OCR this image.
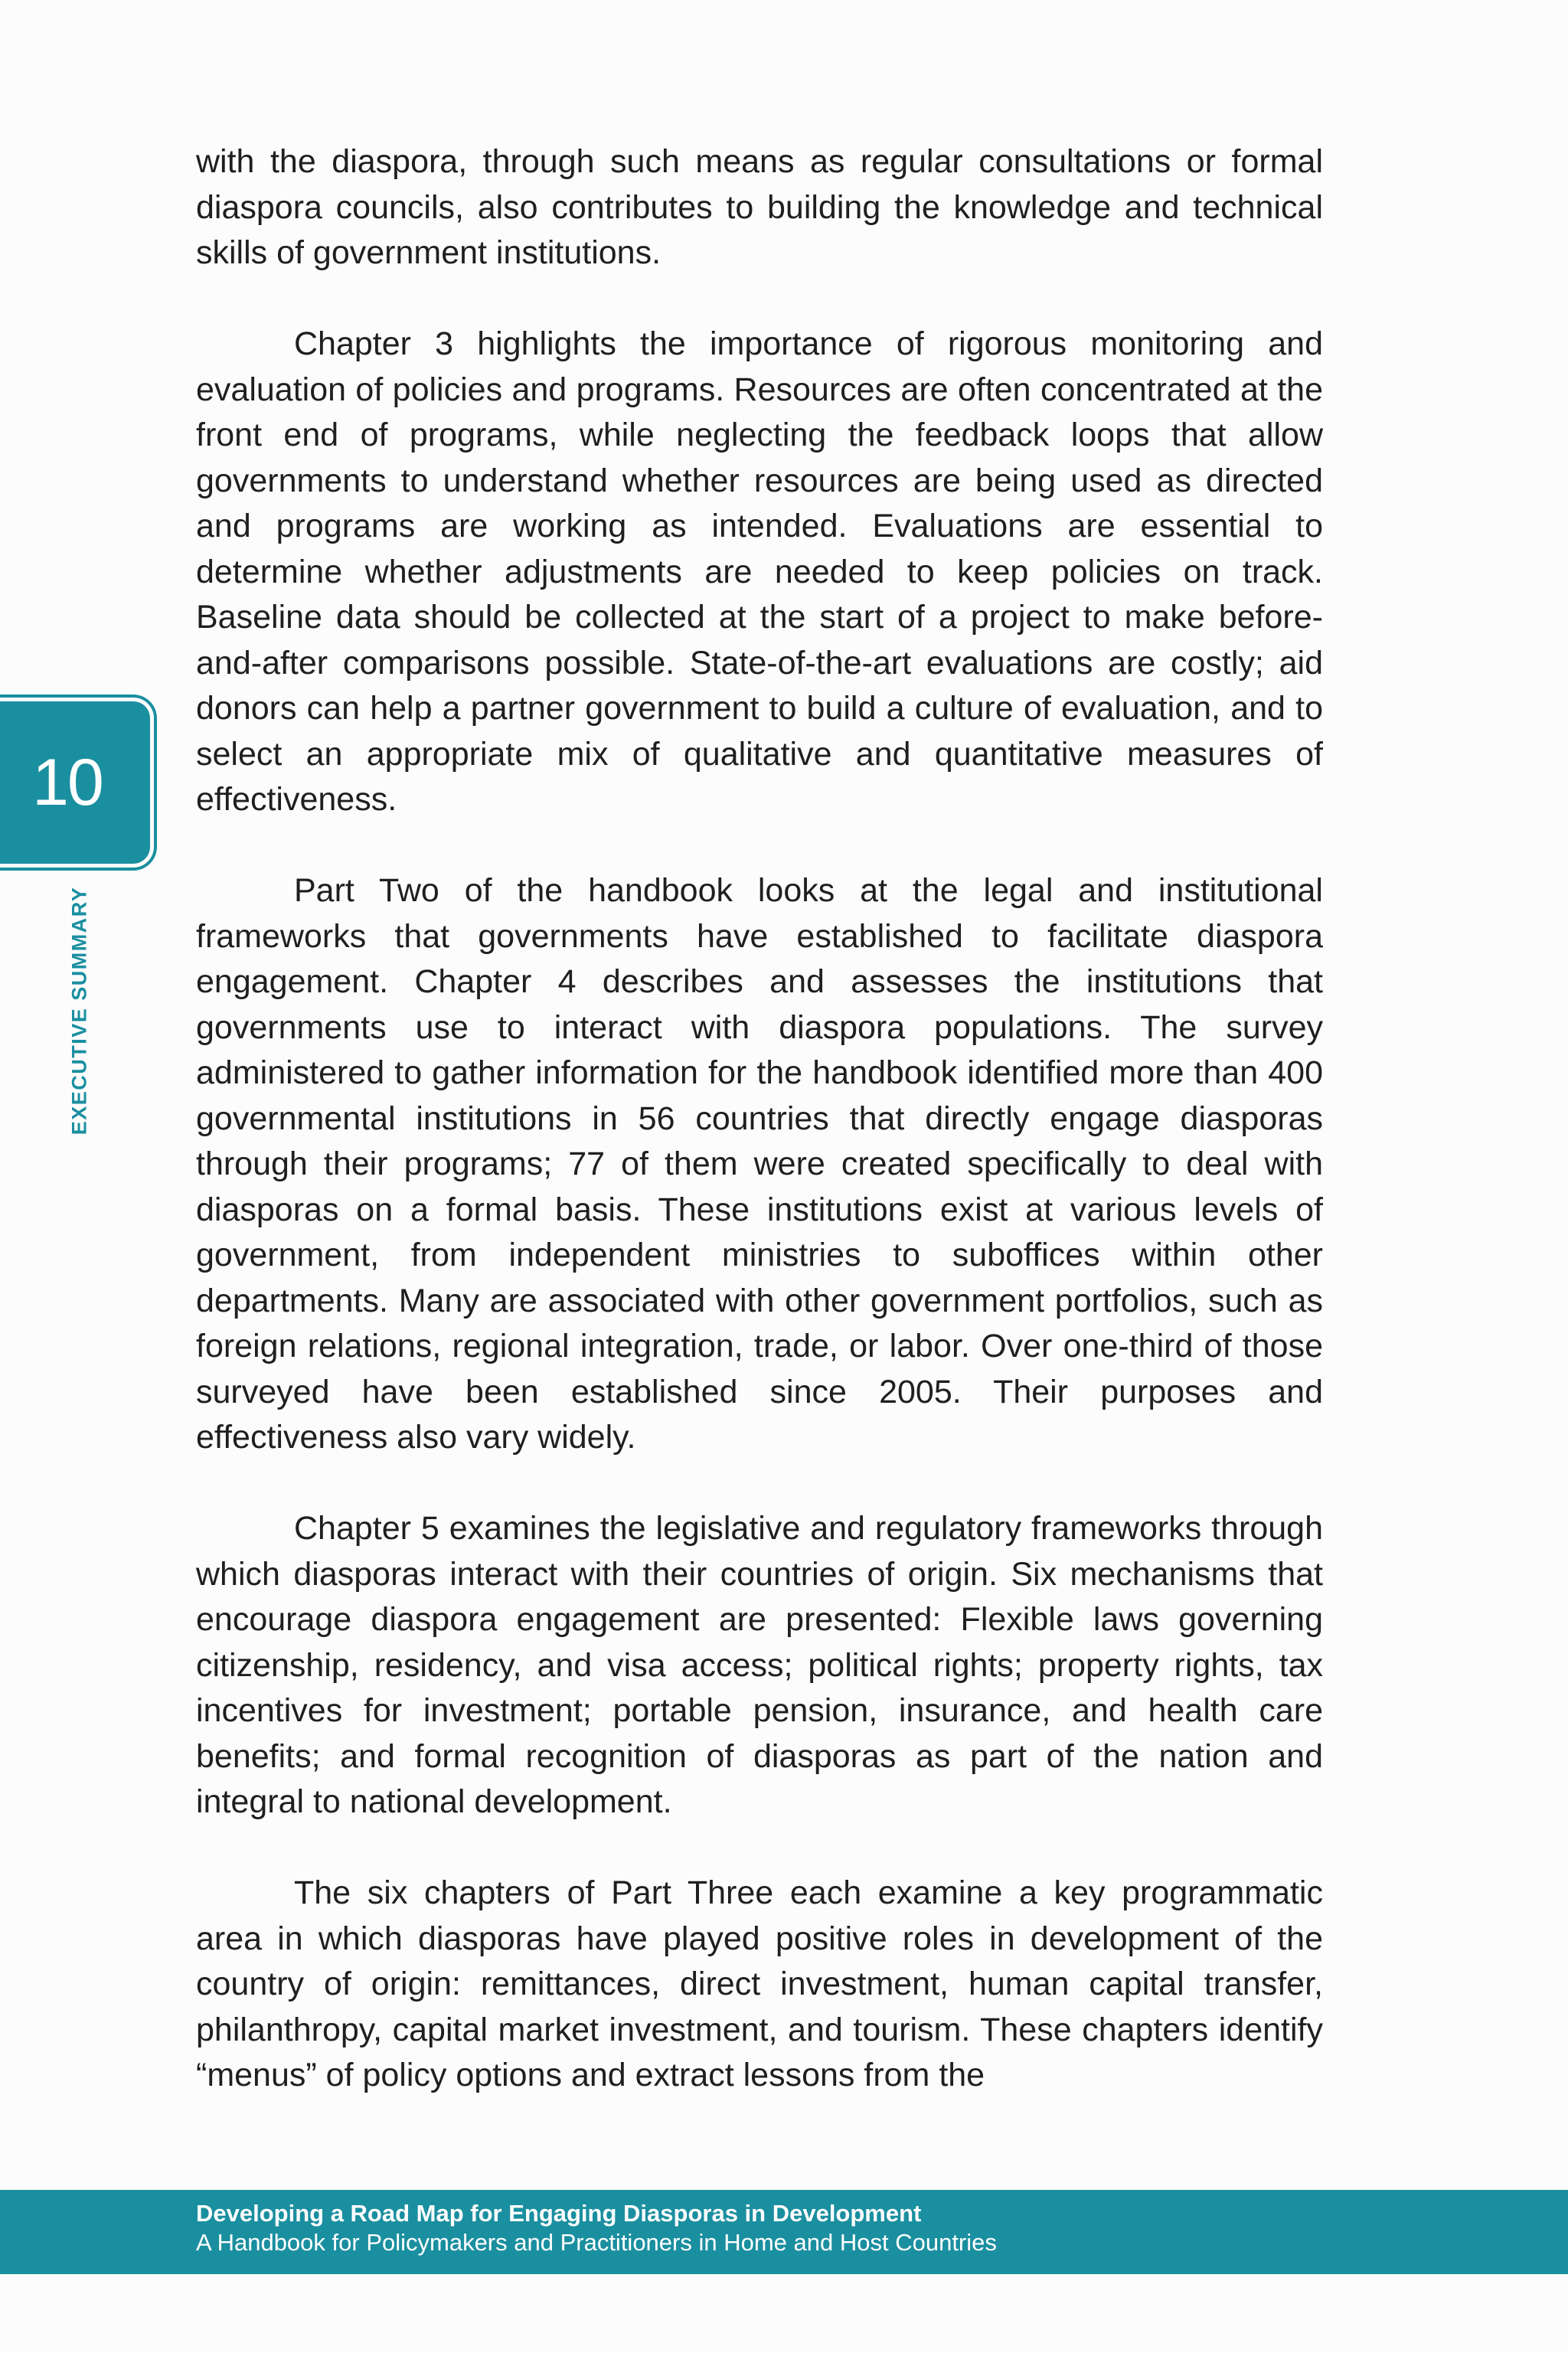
with the diaspora, through such means as regular consultations or formal diaspora councils, also contributes to building the knowledge and technical skills of government institutions.

Chapter 3 highlights the importance of rigorous monitoring and evaluation of policies and programs. Resources are often concentrated at the front end of programs, while neglecting the feedback loops that allow governments to understand whether resources are being used as directed and programs are working as intended. Evaluations are essential to determine whether adjustments are needed to keep policies on track. Baseline data should be collected at the start of a project to make before-and-after comparisons possible. State-of-the-art evaluations are costly; aid donors can help a partner government to build a culture of evaluation, and to select an appropriate mix of qualitative and quantitative measures of effectiveness.

Part Two of the handbook looks at the legal and institutional frameworks that governments have established to facilitate diaspora engagement. Chapter 4 describes and assesses the institutions that governments use to interact with diaspora populations. The survey administered to gather information for the handbook identified more than 400 governmental institutions in 56 countries that directly engage diasporas through their programs; 77 of them were created specifically to deal with diasporas on a formal basis. These institutions exist at various levels of government, from independent ministries to suboffices within other departments. Many are associated with other government portfolios, such as foreign relations, regional integration, trade, or labor. Over one-third of those surveyed have been established since 2005. Their purposes and effectiveness also vary widely.

Chapter 5 examines the legislative and regulatory frameworks through which diasporas interact with their countries of origin. Six mechanisms that encourage diaspora engagement are presented: Flexible laws governing citizenship, residency, and visa access; political rights; property rights, tax incentives for investment; portable pension, insurance, and health care benefits; and formal recognition of diasporas as part of the nation and integral to national development.

The six chapters of Part Three each examine a key programmatic area in which diasporas have played positive roles in development of the country of origin: remittances, direct investment, human capital transfer, philanthropy, capital market investment, and tourism. These chapters identify “menus” of policy options and extract lessons from the

10
EXECUTIVE SUMMARY
Developing a Road Map for Engaging Diasporas in Development
A Handbook for Policymakers and Practitioners in Home and Host Countries
